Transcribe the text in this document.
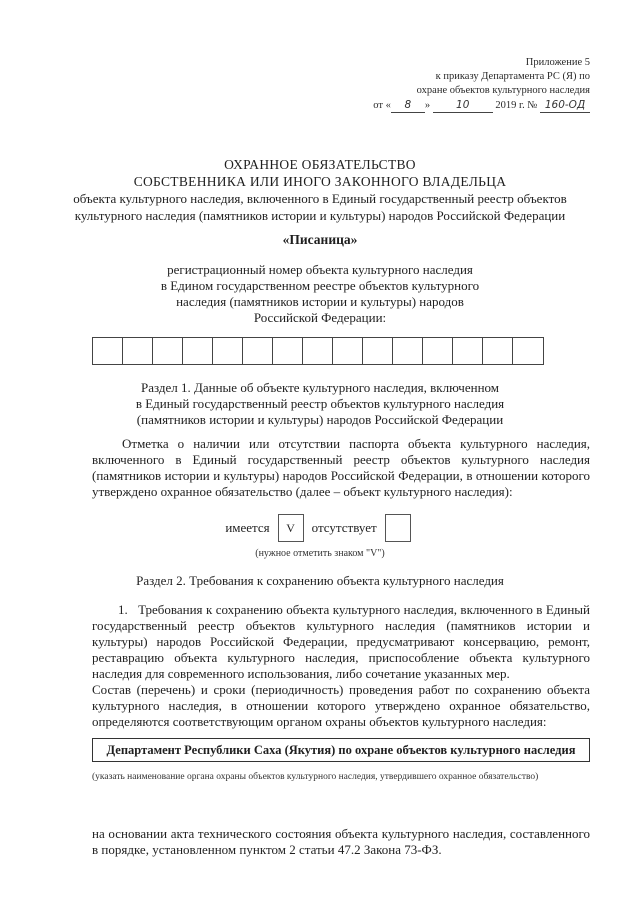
Приложение 5
к приказу Департамента РС (Я) по
охране объектов культурного наследия
от « 8 » 10 2019 г. № 160-ОД
ОХРАННОЕ ОБЯЗАТЕЛЬСТВО
СОБСТВЕННИКА ИЛИ ИНОГО ЗАКОННОГО ВЛАДЕЛЬЦА
объекта культурного наследия, включенного в Единый государственный реестр объектов
культурного наследия (памятников истории и культуры) народов Российской Федерации
«Писаница»
регистрационный номер объекта культурного наследия
в Едином государственном реестре объектов культурного
наследия (памятников истории и культуры) народов
Российской Федерации:
Раздел 1. Данные об объекте культурного наследия, включенном
в Единый государственный реестр объектов культурного наследия
(памятников истории и культуры) народов Российской Федерации
Отметка о наличии или отсутствии паспорта объекта культурного наследия, включенного в Единый государственный реестр объектов культурного наследия (памятников истории и культуры) народов Российской Федерации, в отношении которого утверждено охранное обязательство (далее – объект культурного наследия):
имеется	V	отсутствует
(нужное отметить знаком "V")
Раздел 2. Требования к сохранению объекта культурного наследия
1. Требования к сохранению объекта культурного наследия, включенного в Единый государственный реестр объектов культурного наследия (памятников истории и культуры) народов Российской Федерации, предусматривают консервацию, ремонт, реставрацию объекта культурного наследия, приспособление объекта культурного наследия для современного использования, либо сочетание указанных мер.
Состав (перечень) и сроки (периодичность) проведения работ по сохранению объекта культурного наследия, в отношении которого утверждено охранное обязательство, определяются соответствующим органом охраны объектов культурного наследия:
Департамент Республики Саха (Якутия) по охране объектов культурного наследия
(указать наименование органа охраны объектов культурного наследия, утвердившего охранное обязательство)
на основании акта технического состояния объекта культурного наследия, составленного в порядке, установленном пунктом 2 статьи 47.2 Закона 73-ФЗ.
